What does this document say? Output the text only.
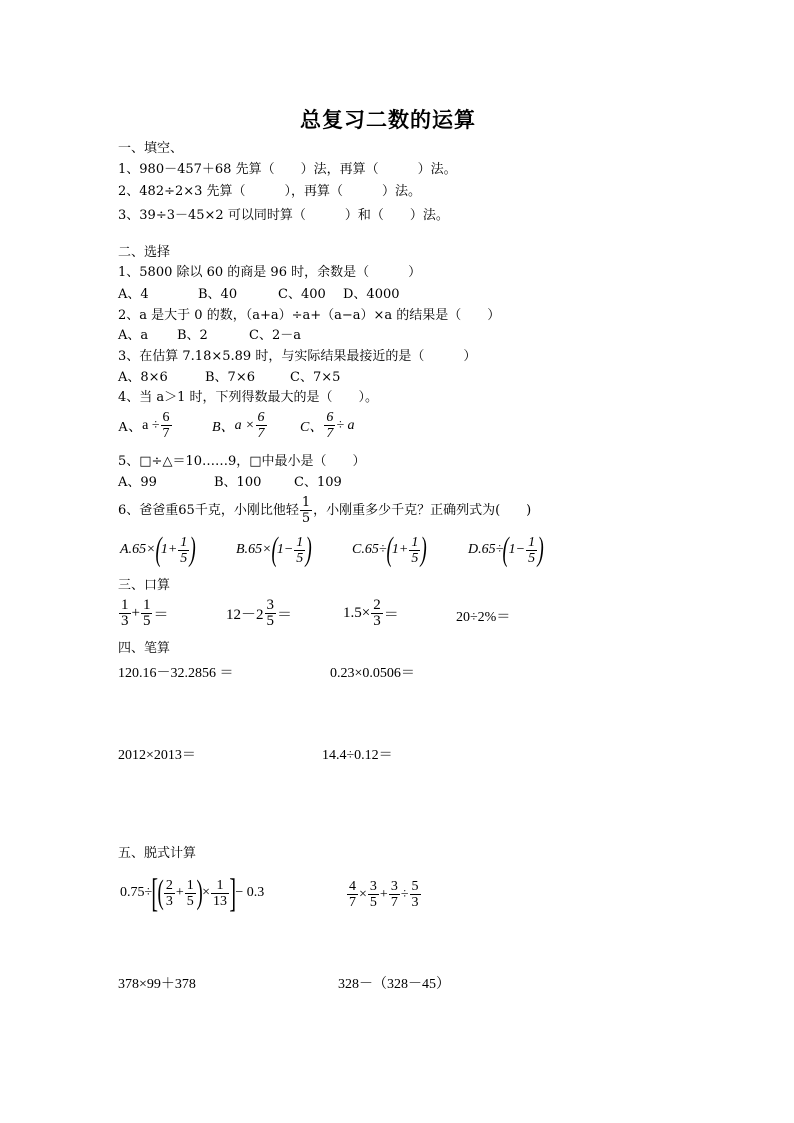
总复习二数的运算
一、填空、
1、980－457＋68 先算（　　）法，再算（　　　）法。
2、482÷2×3 先算（　　　），再算（　　　）法。
3、39÷3－45×2 可以同时算（　　　）和（　　）法。
二、选择
1、5800 除以 60 的商是 96 时，余数是（　　　）
A、4	B、40	C、400 D、4000
2、a 是大于 0 的数，（a+a）÷a+（a−a）×a 的结果是（　　）
A、a B、2	C、2－a
3、在估算 7.18×5.89 时，与实际结果最接近的是（　　　）
A、8×6	B、7×6	C、7×5
4、当 a＞1 时，下列得数最大的是（　　）。
A、$a \div \frac{6}{7}$	B、$a \times \frac{6}{7}$ C、 $\frac{6}{7} \div a$
5、□÷△＝10……9，□中最小是（　　）
A、99	B、100	C、109
6、爸爸重65千克，小刚比他轻 $\frac{1}{5}$ ，小刚重多少千克？正确列式为(　　)
$A.65\times(1+ \frac{1}{5}$ )	$B.65\times(1- \frac{1}{5}$ )	$C.65\div(1+ \frac{1}{5}$ )	$D.65\div(1- \frac{1}{5}$ )
三、口算
$\frac{1}{3} + \frac{1}{5}$ ＝	$12-2 \frac{3}{5}$ ＝	$1.5\times \frac{2}{3}$ ＝	20÷2%＝
四、笔算
120.16－32.2856 ＝	0.23×0.0506＝
2012×2013＝	14.4÷0.12＝
五、脱式计算
$0.75\div[( \frac{2}{3} + \frac{1}{5}$ )× $\frac{1}{13}$ ]− 0.3	$\frac{4}{7} \times \frac{3}{5} + \frac{3}{7} \div \frac{5}{3}$
378×99＋378	328－（328－45）
